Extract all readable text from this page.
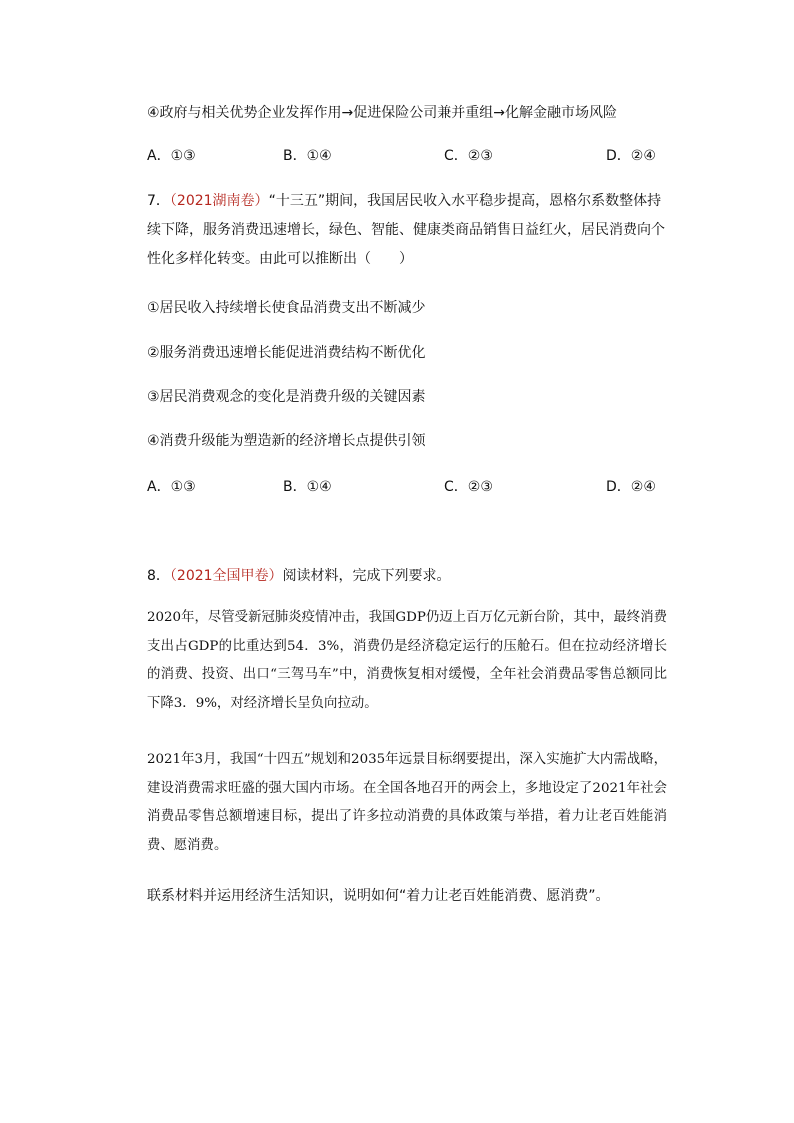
④政府与相关优势企业发挥作用→促进保险公司兼并重组→化解金融市场风险
A．①③	B．①④	C．②③	D．②④
7．（2021湖南卷）“十三五”期间，我国居民收入水平稳步提高，恩格尔系数整体持续下降，服务消费迅速增长，绿色、智能、健康类商品销售日益红火，居民消费向个性化多样化转变。由此可以推断出（　　）
①居民收入持续增长使食品消费支出不断减少
②服务消费迅速增长能促进消费结构不断优化
③居民消费观念的变化是消费升级的关键因素
④消费升级能为塑造新的经济增长点提供引领
A．①③	B．①④	C．②③	D．②④
8．（2021全国甲卷）阅读材料，完成下列要求。
2020年，尽管受新冠肺炎疫情冲击，我国GDP仍迈上百万亿元新台阶，其中，最终消费支出占GDP的比重达到54．3%，消费仍是经济稳定运行的压舱石。但在拉动经济增长的消费、投资、出口“三驾马车”中，消费恢复相对缓慢，全年社会消费品零售总额同比下降3．9%，对经济增长呈负向拉动。
2021年3月，我国“十四五”规划和2035年远景目标纲要提出，深入实施扩大内需战略，建设消费需求旺盛的强大国内市场。在全国各地召开的两会上，多地设定了2021年社会消费品零售总额增速目标，提出了许多拉动消费的具体政策与举措，着力让老百姓能消费、愿消费。
联系材料并运用经济生活知识，说明如何“着力让老百姓能消费、愿消费”。
